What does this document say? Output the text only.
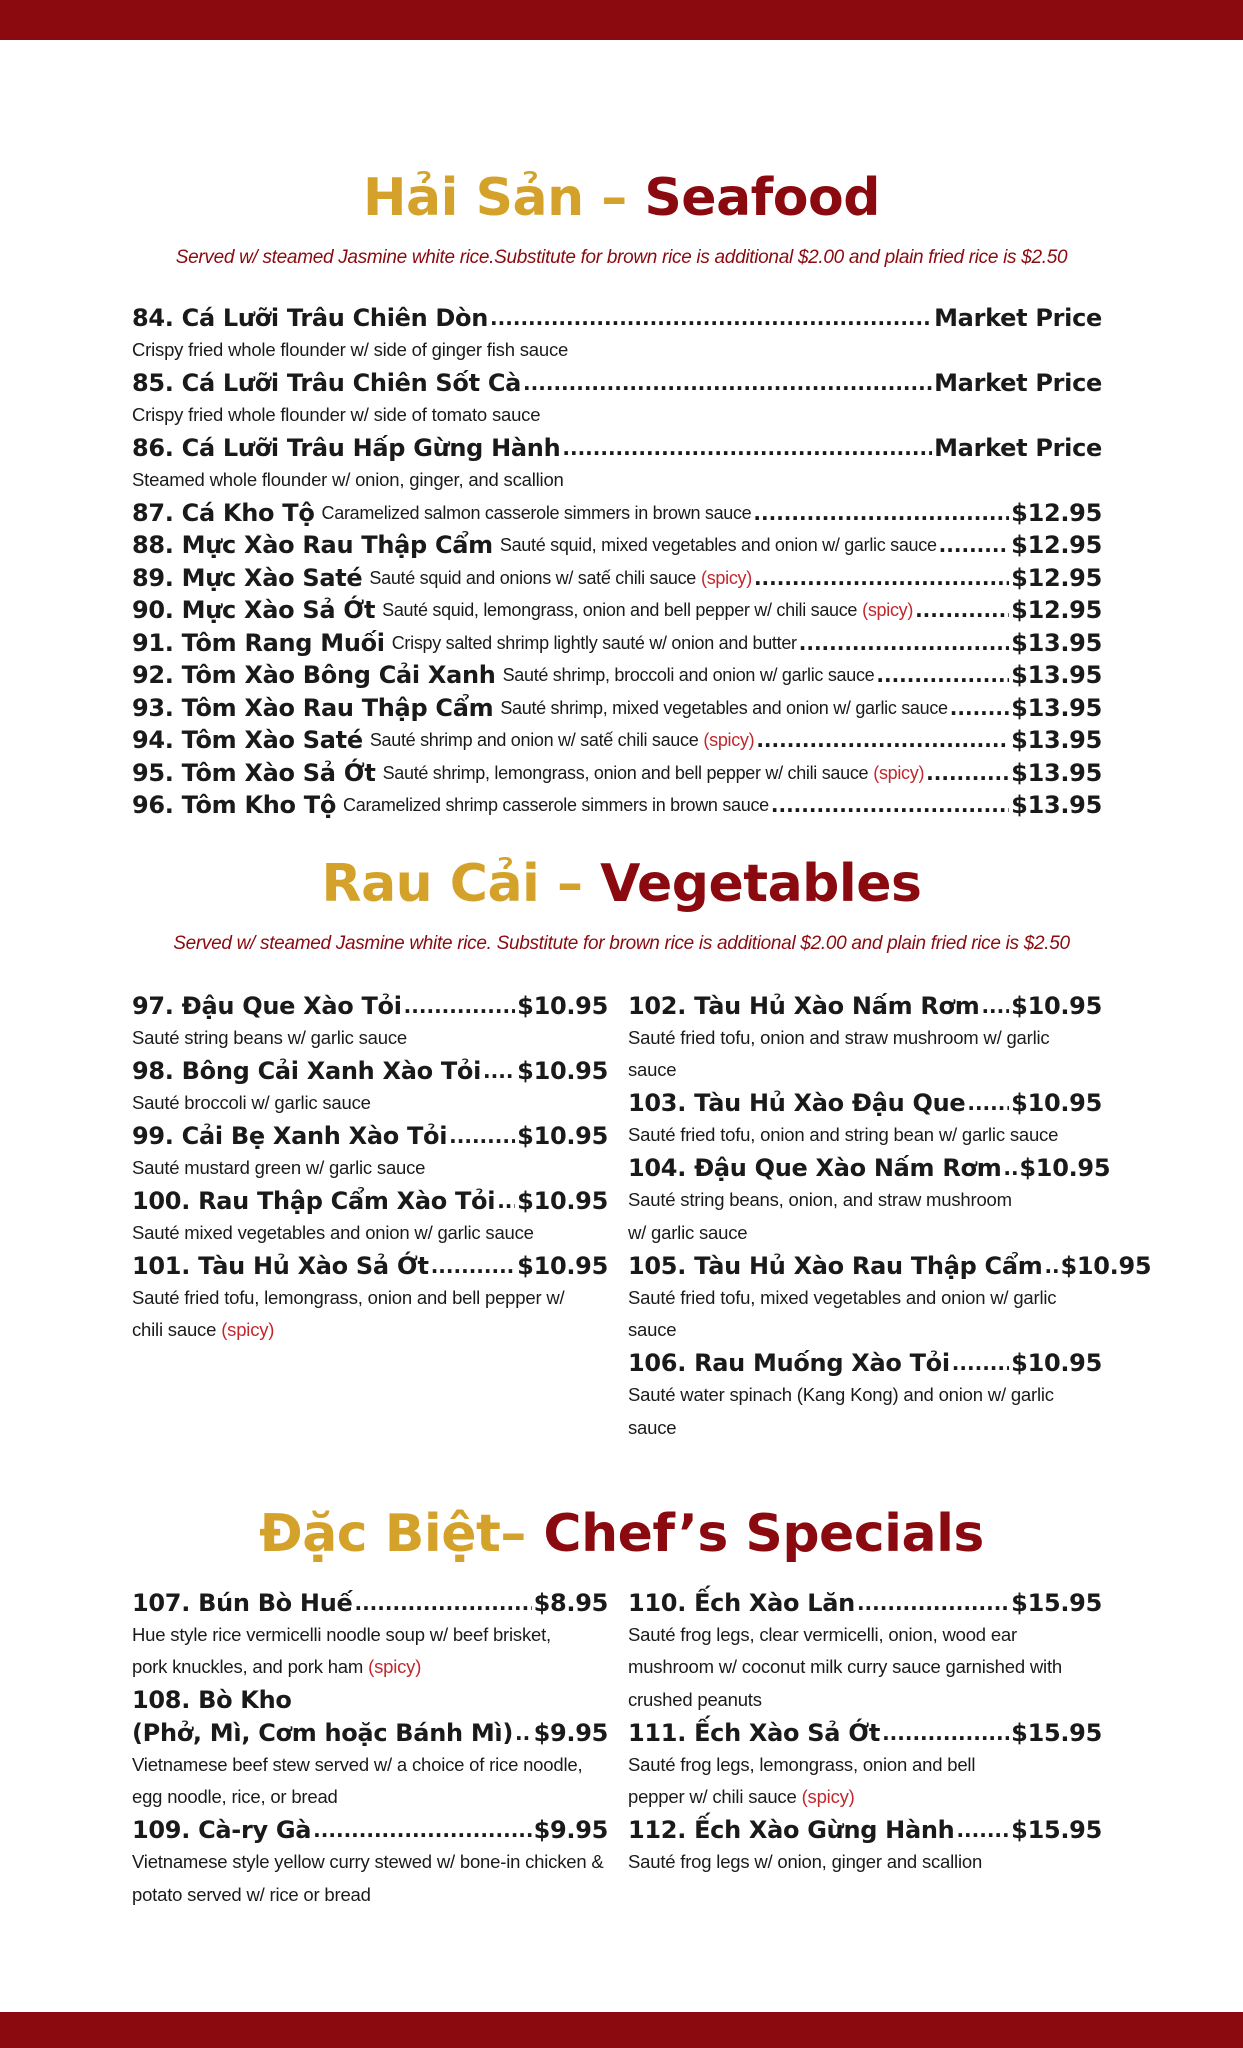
Hải Sản – Seafood
Served w/ steamed Jasmine white rice.Substitute for brown rice is additional $2.00 and plain fried rice is $2.50
84. Cá Lưỡi Trâu Chiên Dòn .....	Market Price
Crispy fried whole flounder w/ side of ginger fish sauce
85. Cá Lưỡi Trâu Chiên Sốt Cà .....	Market Price
Crispy fried whole flounder w/ side of tomato sauce
86. Cá Lưỡi Trâu Hấp Gừng Hành .....	Market Price
Steamed whole flounder w/ onion, ginger, and scallion
87. Cá Kho Tộ Caramelized salmon casserole simmers in brown sauce .....	$12.95
88. Mực Xào Rau Thập Cẩm Sauté squid, mixed vegetables and onion w/ garlic sauce .....	$12.95
89. Mực Xào Saté Sauté squid and onions w/ satế chili sauce (spicy) .....	$12.95
90. Mực Xào Sả Ớt Sauté squid, lemongrass, onion and bell pepper w/ chili sauce (spicy) .....	$12.95
91. Tôm Rang Muối Crispy salted shrimp lightly sauté w/ onion and butter .....	$13.95
92. Tôm Xào Bông Cải Xanh Sauté shrimp, broccoli and onion w/ garlic sauce .....	$13.95
93. Tôm Xào Rau Thập Cẩm Sauté shrimp, mixed vegetables and onion w/ garlic sauce .....	$13.95
94. Tôm Xào Saté Sauté shrimp and onion w/ satế chili sauce (spicy) .....	$13.95
95. Tôm Xào Sả Ớt Sauté shrimp, lemongrass, onion and bell pepper w/ chili sauce (spicy) .....	$13.95
96. Tôm Kho Tộ Caramelized shrimp casserole simmers in brown sauce .....	$13.95
Rau Cải – Vegetables
Served w/ steamed Jasmine white rice. Substitute for brown rice is additional $2.00 and plain fried rice is $2.50
97. Đậu Que Xào Tỏi .....	$10.95
Sauté string beans w/ garlic sauce
98. Bông Cải Xanh Xào Tỏi ..... $10.95
Sauté broccoli w/ garlic sauce
99. Cải Bẹ Xanh Xào Tỏi .....	$10.95
Sauté mustard green w/ garlic sauce
100. Rau Thập Cẩm Xào Tỏi ..... $10.95
Sauté mixed vegetables and onion w/ garlic sauce
101. Tàu Hủ Xào Sả Ớt .....	$10.95
Sauté fried tofu, lemongrass, onion and bell pepper w/
chili sauce (spicy)
102. Tàu Hủ Xào Nấm Rơm ..... $10.95
Sauté fried tofu, onion and straw mushroom w/ garlic
sauce
103. Tàu Hủ Xào Đậu Que ..... $10.95
Sauté fried tofu, onion and string bean w/ garlic sauce
104. Đậu Que Xào Nấm Rơm ..... $10.95
Sauté string beans, onion, and straw mushroom
w/ garlic sauce
105. Tàu Hủ Xào Rau Thập Cẩm ..... $10.95
Sauté fried tofu, mixed vegetables and onion w/ garlic
sauce
106. Rau Muống Xào Tỏi .....	$10.95
Sauté water spinach (Kang Kong) and onion w/ garlic
sauce
Đặc Biệt– Chef’s Specials
107. Bún Bò Huế .....	$8.95
Hue style rice vermicelli noodle soup w/ beef brisket,
pork knuckles, and pork ham (spicy)
108. Bò Kho
(Phở, Mì, Cơm hoặc Bánh Mì) ..... $9.95
Vietnamese beef stew served w/ a choice of rice noodle,
egg noodle, rice, or bread
109. Cà-ry Gà .....	$9.95
Vietnamese style yellow curry stewed w/ bone-in chicken &
potato served w/ rice or bread
110. Ếch Xào Lăn .....	$15.95
Sauté frog legs, clear vermicelli, onion, wood ear
mushroom w/ coconut milk curry sauce garnished with
crushed peanuts
111. Ếch Xào Sả Ớt .....	$15.95
Sauté frog legs, lemongrass, onion and bell
pepper w/ chili sauce (spicy)
112. Ếch Xào Gừng Hành ..... $15.95
Sauté frog legs w/ onion, ginger and scallion
